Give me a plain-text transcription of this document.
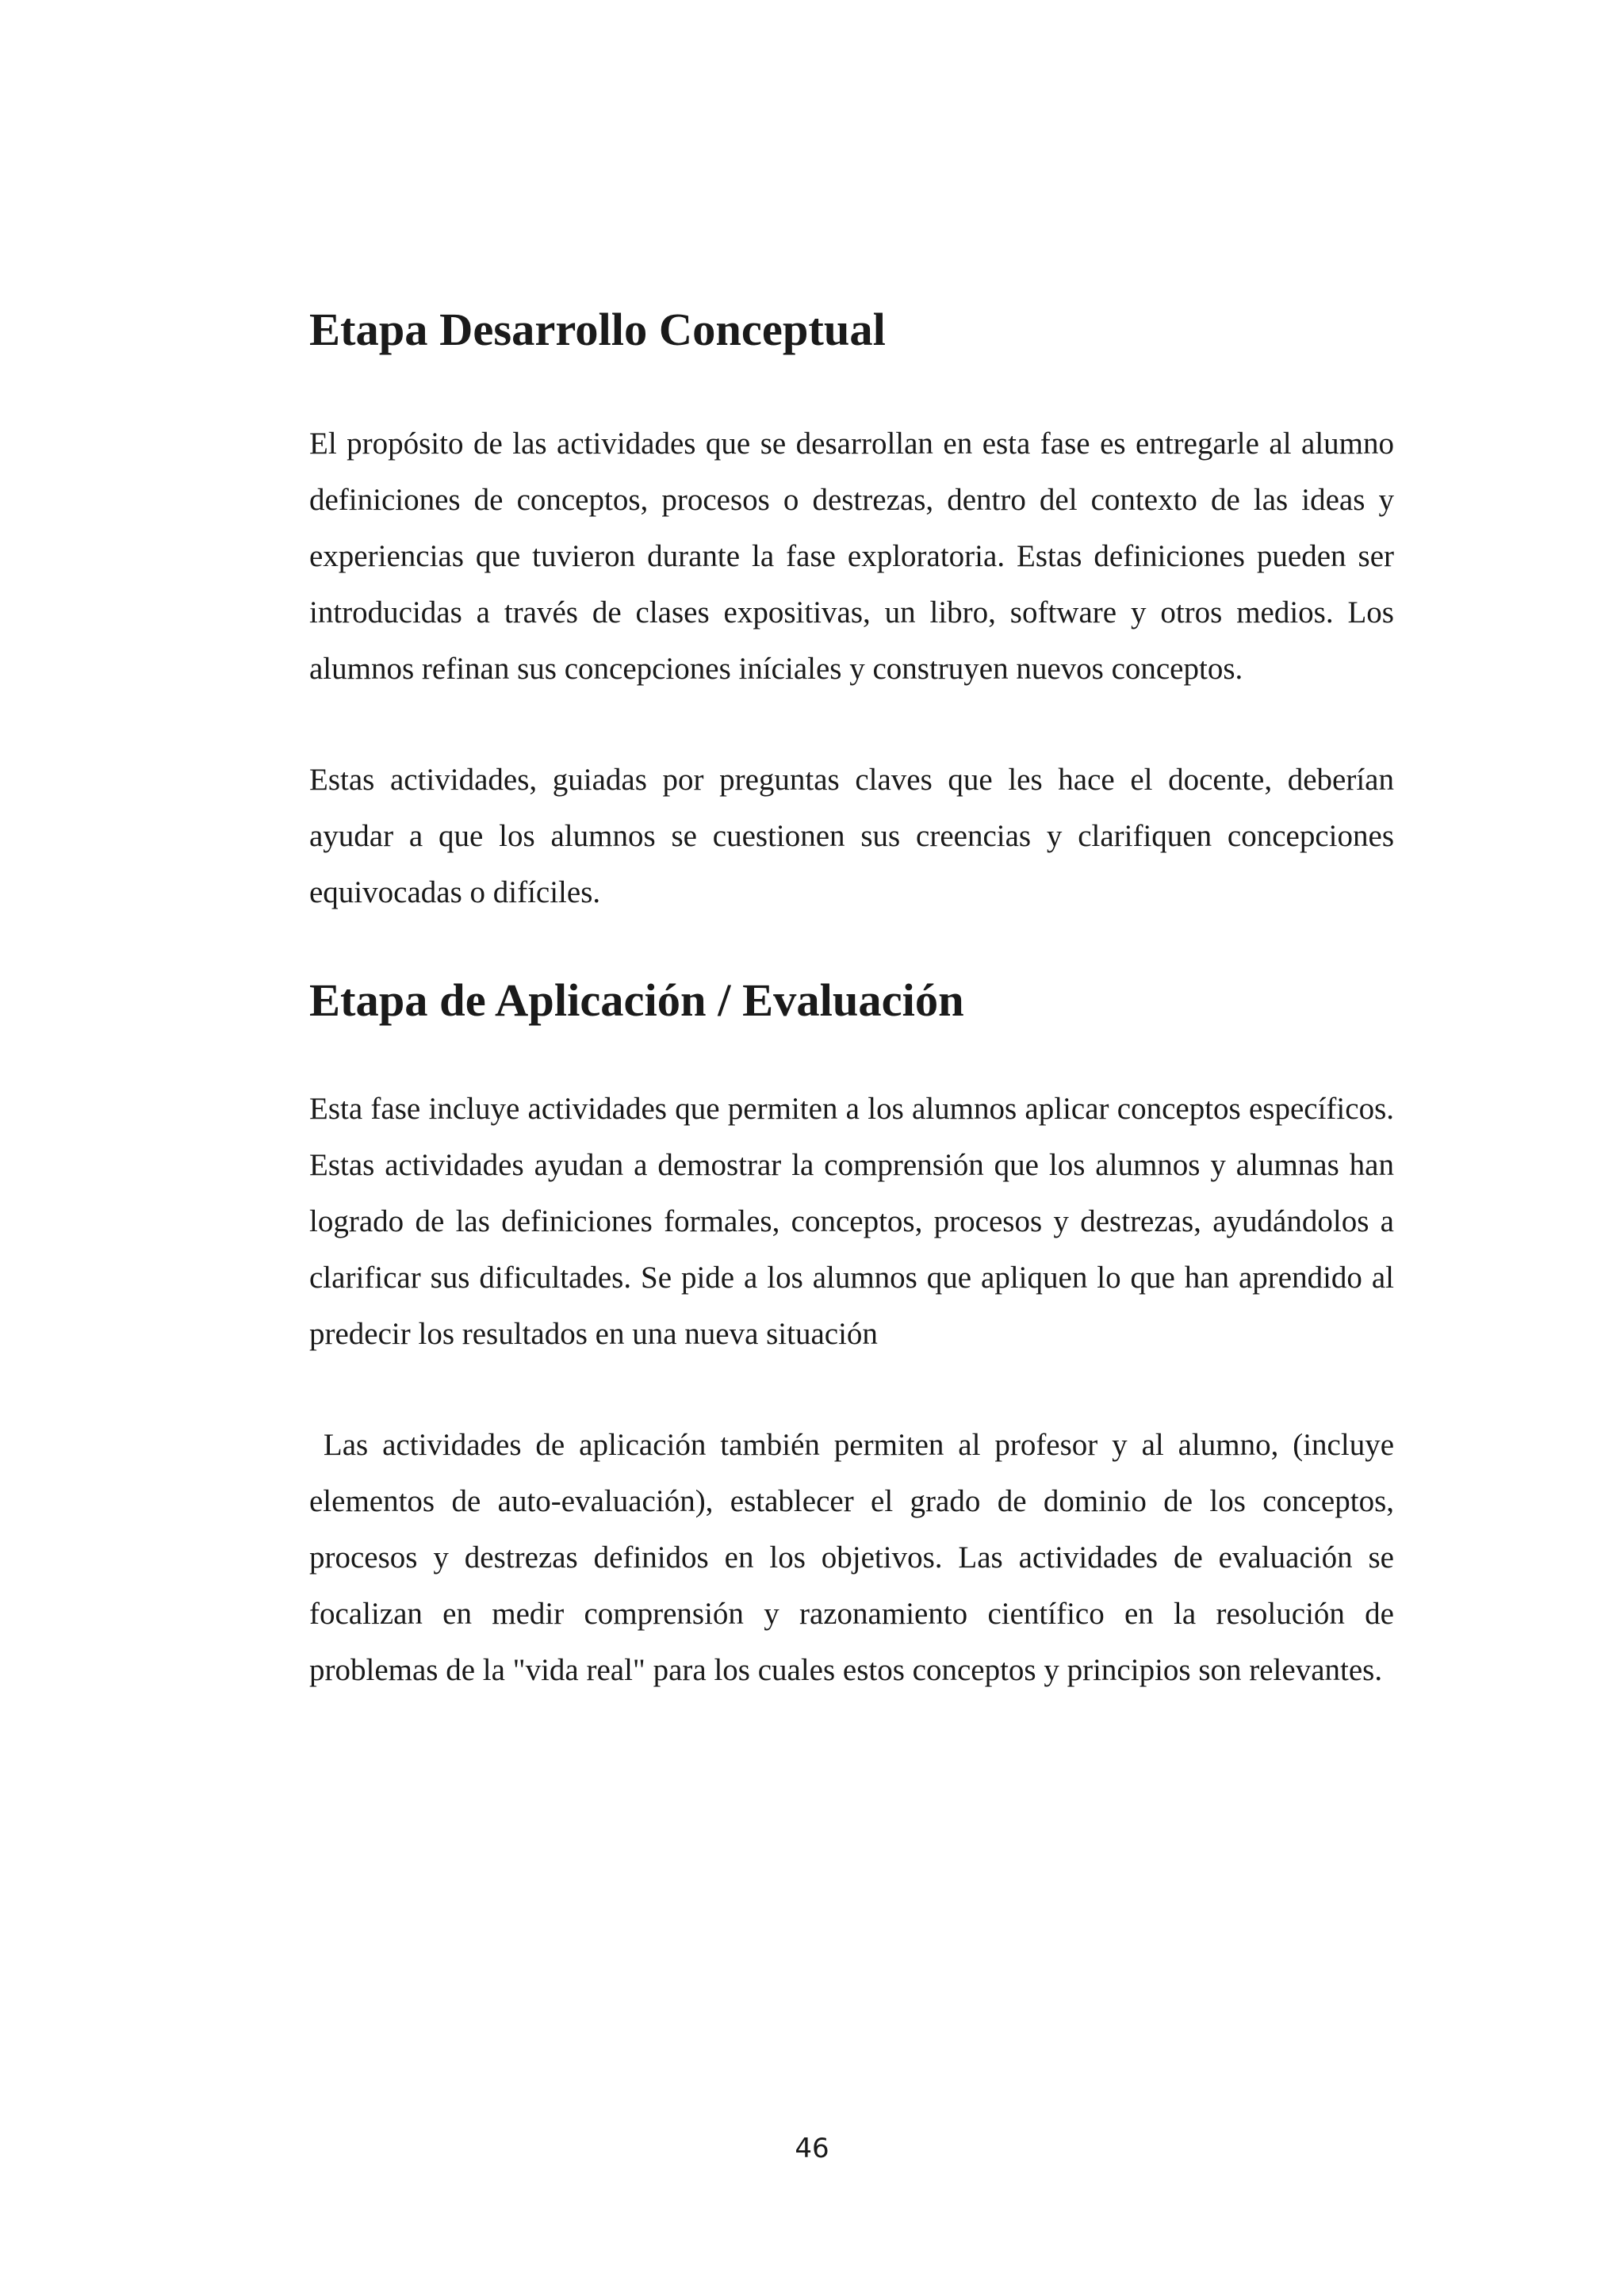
Etapa Desarrollo Conceptual

El propósito de las actividades que se desarrollan en esta fase es entregarle al alumno definiciones de conceptos, procesos o destrezas, dentro del contexto de las ideas y experiencias que tuvieron durante la fase exploratoria. Estas definiciones pueden ser introducidas a través de clases expositivas, un libro, software y otros medios. Los alumnos refinan sus concepciones iníciales y construyen nuevos conceptos.

Estas actividades, guiadas por preguntas claves que les hace el docente, deberían ayudar a que los alumnos se cuestionen sus creencias y clarifiquen concepciones equivocadas o difíciles.

Etapa de Aplicación / Evaluación

Esta fase incluye actividades que permiten a los alumnos aplicar conceptos específicos. Estas actividades ayudan a demostrar la comprensión que los alumnos y alumnas han logrado de las definiciones formales, conceptos, procesos y destrezas, ayudándolos a clarificar sus dificultades. Se pide a los alumnos que apliquen lo que han aprendido al predecir los resultados en una nueva situación

Las actividades de aplicación también permiten al profesor y al alumno, (incluye elementos de auto-evaluación), establecer el grado de dominio de los conceptos, procesos y destrezas definidos en los objetivos. Las actividades de evaluación se focalizan en medir comprensión y razonamiento científico en la resolución de problemas de la "vida real" para los cuales estos conceptos y principios son relevantes.

46
